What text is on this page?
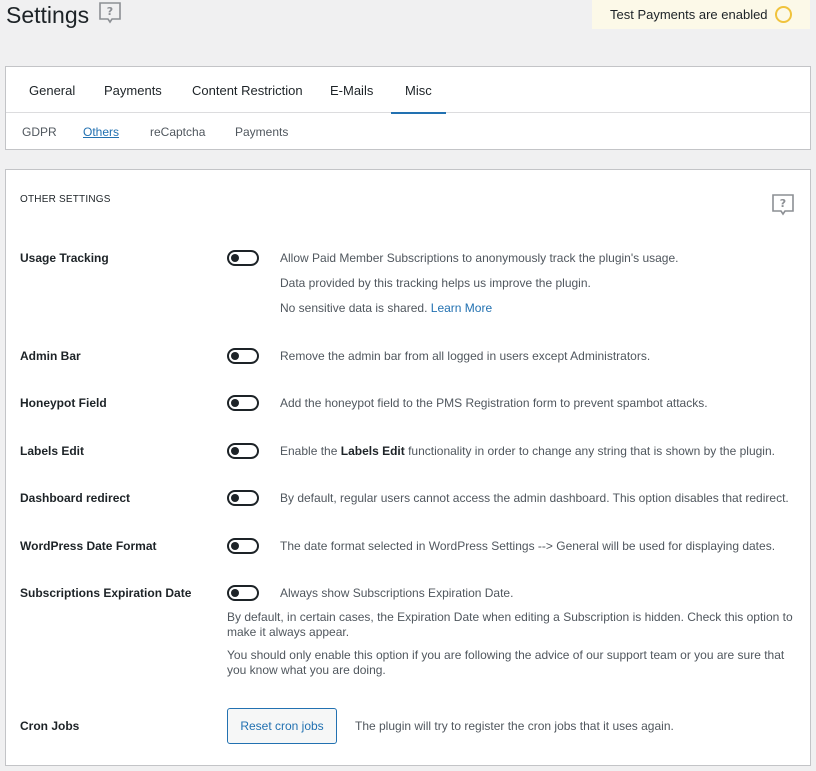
Settings ?	Test Payments are enabled
General Payments Content Restriction E-Mails Misc
GDPR Others	reCaptcha Payments
OTHER SETTINGS	?
Usage Tracking	Allow Paid Member Subscriptions to anonymously track the plugin's usage.
Data provided by this tracking helps us improve the plugin.
No sensitive data is shared. Learn More
Admin Bar	Remove the admin bar from all logged in users except Administrators.
Honeypot Field	Add the honeypot field to the PMS Registration form to prevent spambot attacks.
Labels Edit	Enable the Labels Edit functionality in order to change any string that is shown by the plugin.
Dashboard redirect	By default, regular users cannot access the admin dashboard. This option disables that redirect.
WordPress Date Format	The date format selected in WordPress Settings --> General will be used for displaying dates.
Subscriptions Expiration Date	Always show Subscriptions Expiration Date.
By default, in certain cases, the Expiration Date when editing a Subscription is hidden. Check this option to make it always appear.
You should only enable this option if you are following the advice of our support team or you are sure that you know what you are doing.
Cron Jobs	Reset cron jobs	The plugin will try to register the cron jobs that it uses again.
